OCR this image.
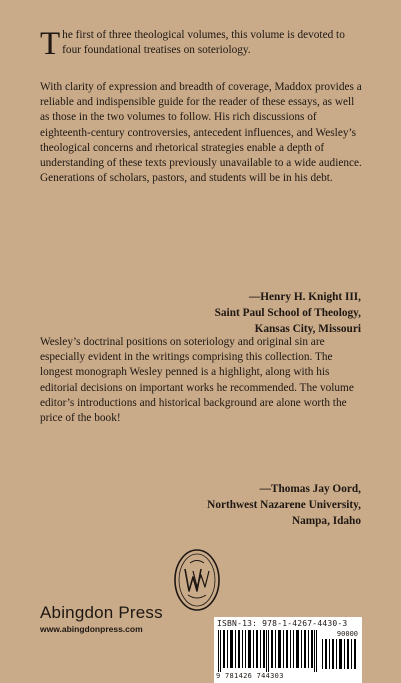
The first of three theological volumes, this volume is devoted to four foundational treatises on soteriology.
With clarity of expression and breadth of coverage, Maddox provides a reliable and indispensible guide for the reader of these essays, as well as those in the two volumes to follow. His rich discussions of eighteenth-century controversies, antecedent influences, and Wesley’s theological concerns and rhetorical strategies enable a depth of understanding of these texts previously unavailable to a wide audience. Generations of scholars, pastors, and students will be in his debt.
—Henry H. Knight III,
Saint Paul School of Theology,
Kansas City, Missouri
Wesley’s doctrinal positions on soteriology and original sin are especially evident in the writings comprising this collection. The longest monograph Wesley penned is a highlight, along with his editorial decisions on important works he recommended. The volume editor’s introductions and historical background are alone worth the price of the book!
—Thomas Jay Oord,
Northwest Nazarene University,
Nampa, Idaho
Abingdon Press
www.abingdonpress.com
ISBN-13: 978-1-4267-4430-3
90000
9 781426 744303
